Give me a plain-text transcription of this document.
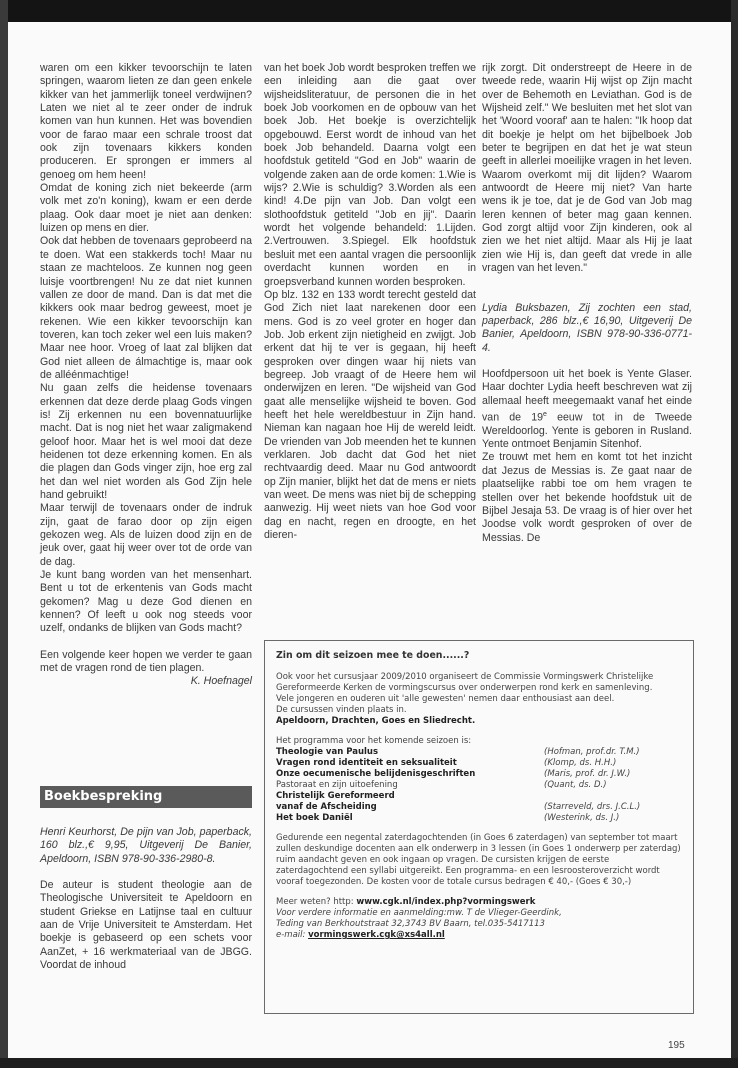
waren om een kikker tevoorschijn te laten springen, waarom lieten ze dan geen enkele kikker van het jammerlijk toneel verdwijnen? Laten we niet al te zeer onder de indruk komen van hun kunnen. Het was bovendien voor de farao maar een schrale troost dat ook zijn tovenaars kikkers konden produceren. Er sprongen er immers al genoeg om hem heen!

Omdat de koning zich niet bekeerde (arm volk met zo'n koning), kwam er een derde plaag. Ook daar moet je niet aan denken: luizen op mens en dier.

Ook dat hebben de tovenaars geprobeerd na te doen. Wat een stakkerds toch! Maar nu staan ze machteloos. Ze kunnen nog geen luisje voortbrengen! Nu ze dat niet kunnen vallen ze door de mand. Dan is dat met die kikkers ook maar bedrog geweest, moet je rekenen. Wie een kikker tevoorschijn kan toveren, kan toch zeker wel een luis maken? Maar nee hoor. Vroeg of laat zal blijken dat God niet alleen de álmachtige is, maar ook de alléénmachtige!

Nu gaan zelfs die heidense tovenaars erkennen dat deze derde plaag Gods vingen is! Zij erkennen nu een bovennatuurlijke macht. Dat is nog niet het waar zaligmakend geloof hoor. Maar het is wel mooi dat deze heidenen tot deze erkenning komen. En als die plagen dan Gods vinger zijn, hoe erg zal het dan wel niet worden als God Zijn hele hand gebruikt!

Maar terwijl de tovenaars onder de indruk zijn, gaat de farao door op zijn eigen gekozen weg. Als de luizen dood zijn en de jeuk over, gaat hij weer over tot de orde van de dag.

Je kunt bang worden van het mensenhart. Bent u tot de erkentenis van Gods macht gekomen? Mag u deze God dienen en kennen? Of leeft u ook nog steeds voor uzelf, ondanks de blijken van Gods macht?

Een volgende keer hopen we verder te gaan met de vragen rond de tien plagen.

K. Hoefnagel

Boekbespreking

Henri Keurhorst, De pijn van Job, paperback, 160 blz.,€ 9,95, Uitgeverij De Banier, Apeldoorn, ISBN 978-90-336-2980-8.

De auteur is student theologie aan de Theologische Universiteit te Apeldoorn en student Griekse en Latijnse taal en cultuur aan de Vrije Universiteit te Amsterdam. Het boekje is gebaseerd op een schets voor AanZet, + 16 werkmateriaal van de JBGG. Voordat de inhoud

van het boek Job wordt besproken treffen we een inleiding aan die gaat over wijsheidsliteratuur, de personen die in het boek Job voorkomen en de opbouw van het boek Job. Het boekje is overzichtelijk opgebouwd. Eerst wordt de inhoud van het boek Job behandeld. Daarna volgt een hoofdstuk getiteld "God en Job" waarin de volgende zaken aan de orde komen: 1.Wie is wijs? 2.Wie is schuldig? 3.Worden als een kind! 4.De pijn van Job. Dan volgt een slothoofdstuk getiteld "Job en jij". Daarin wordt het volgende behandeld: 1.Lijden. 2.Vertrouwen. 3.Spiegel. Elk hoofdstuk besluit met een aantal vragen die persoonlijk overdacht kunnen worden en in groepsverband kunnen worden besproken.

Op blz. 132 en 133 wordt terecht gesteld dat God Zich niet laat narekenen door een mens. God is zo veel groter en hoger dan Job. Job erkent zijn nietigheid en zwijgt. Job erkent dat hij te ver is gegaan, hij heeft gesproken over dingen waar hij niets van begreep. Job vraagt of de Heere hem wil onderwijzen en leren. "De wijsheid van God gaat alle menselijke wijsheid te boven. God heeft het hele wereldbestuur in Zijn hand. Nieman kan nagaan hoe Hij de wereld leidt. De vrienden van Job meenden het te kunnen verklaren. Job dacht dat God het niet rechtvaardig deed. Maar nu God antwoordt op Zijn manier, blijkt het dat de mens er niets van weet. De mens was niet bij de schepping aanwezig. Hij weet niets van hoe God voor dag en nacht, regen en droogte, en het dieren-

rijk zorgt. Dit onderstreept de Heere in de tweede rede, waarin Hij wijst op Zijn macht over de Behemoth en Leviathan. God is de Wijsheid zelf." We besluiten met het slot van het 'Woord vooraf' aan te halen: "Ik hoop dat dit boekje je helpt om het bijbelboek Job beter te begrijpen en dat het je wat steun geeft in allerlei moeilijke vragen in het leven. Waarom overkomt mij dit lijden? Waarom antwoordt de Heere mij niet? Van harte wens ik je toe, dat je de God van Job mag leren kennen of beter mag gaan kennen. God zorgt altijd voor Zijn kinderen, ook al zien we het niet altijd. Maar als Hij je laat zien wie Hij is, dan geeft dat vrede in alle vragen van het leven."

Lydia Buksbazen, Zij zochten een stad, paperback, 286 blz.,€ 16,90, Uitgeverij De Banier, Apeldoorn, ISBN 978-90-336-0771-4.

Hoofdpersoon uit het boek is Yente Glaser. Haar dochter Lydia heeft beschreven wat zij allemaal heeft meegemaakt vanaf het einde van de 19e eeuw tot in de Tweede Wereldoorlog. Yente is geboren in Rusland. Yente ontmoet Benjamin Sitenhof.

Ze trouwt met hem en komt tot het inzicht dat Jezus de Messias is. Ze gaat naar de plaatselijke rabbi toe om hem vragen te stellen over het bekende hoofdstuk uit de Bijbel Jesaja 53. De vraag is of hier over het Joodse volk wordt gesproken of over de Messias. De

Zin om dit seizoen mee te doen......?

Ook voor het cursusjaar 2009/2010 organiseert de Commissie Vormingswerk Christelijke Gereformeerde Kerken de vormingscursus over onderwerpen rond kerk en samenleving.

Vele jongeren en ouderen uit 'alle gewesten' nemen daar enthousiast aan deel.

De cursussen vinden plaats in.

Apeldoorn, Drachten, Goes en Sliedrecht.

Het programma voor het komende seizoen is:

Theologie van Paulus	(Hofman, prof.dr. T.M.)
Vragen rond identiteit en seksualiteit	(Klomp, ds. H.H.)
Onze oecumenische belijdenisgeschriften	(Maris, prof. dr. J.W.)
Pastoraat en zijn uitoefening	(Quant, ds. D.)
Christelijk Gereformeerd
vanaf de Afscheiding	(Starreveld, drs. J.C.L.)
Het boek Daniël	(Westerink, ds. J.)

Gedurende een negental zaterdagochtenden (in Goes 6 zaterdagen) van september tot maart zullen deskundige docenten aan elk onderwerp in 3 lessen (in Goes 1 onderwerp per zaterdag) ruim aandacht geven en ook ingaan op vragen. De cursisten krijgen de eerste zaterdagochtend een syllabi uitgereikt. Een programma- en een lesroosteroverzicht wordt vooraf toegezonden. De kosten voor de totale cursus bedragen € 40,- (Goes € 30,-)

Meer weten? http: www.cgk.nl/index.php?vormingswerk

Voor verdere informatie en aanmelding:mw. T de Vlieger-Geerdink,

Teding van Berkhoutstraat 32,3743 BV Baarn, tel.035-5417113

e-mail: vormingswerk.cgk@xs4all.nl

195
